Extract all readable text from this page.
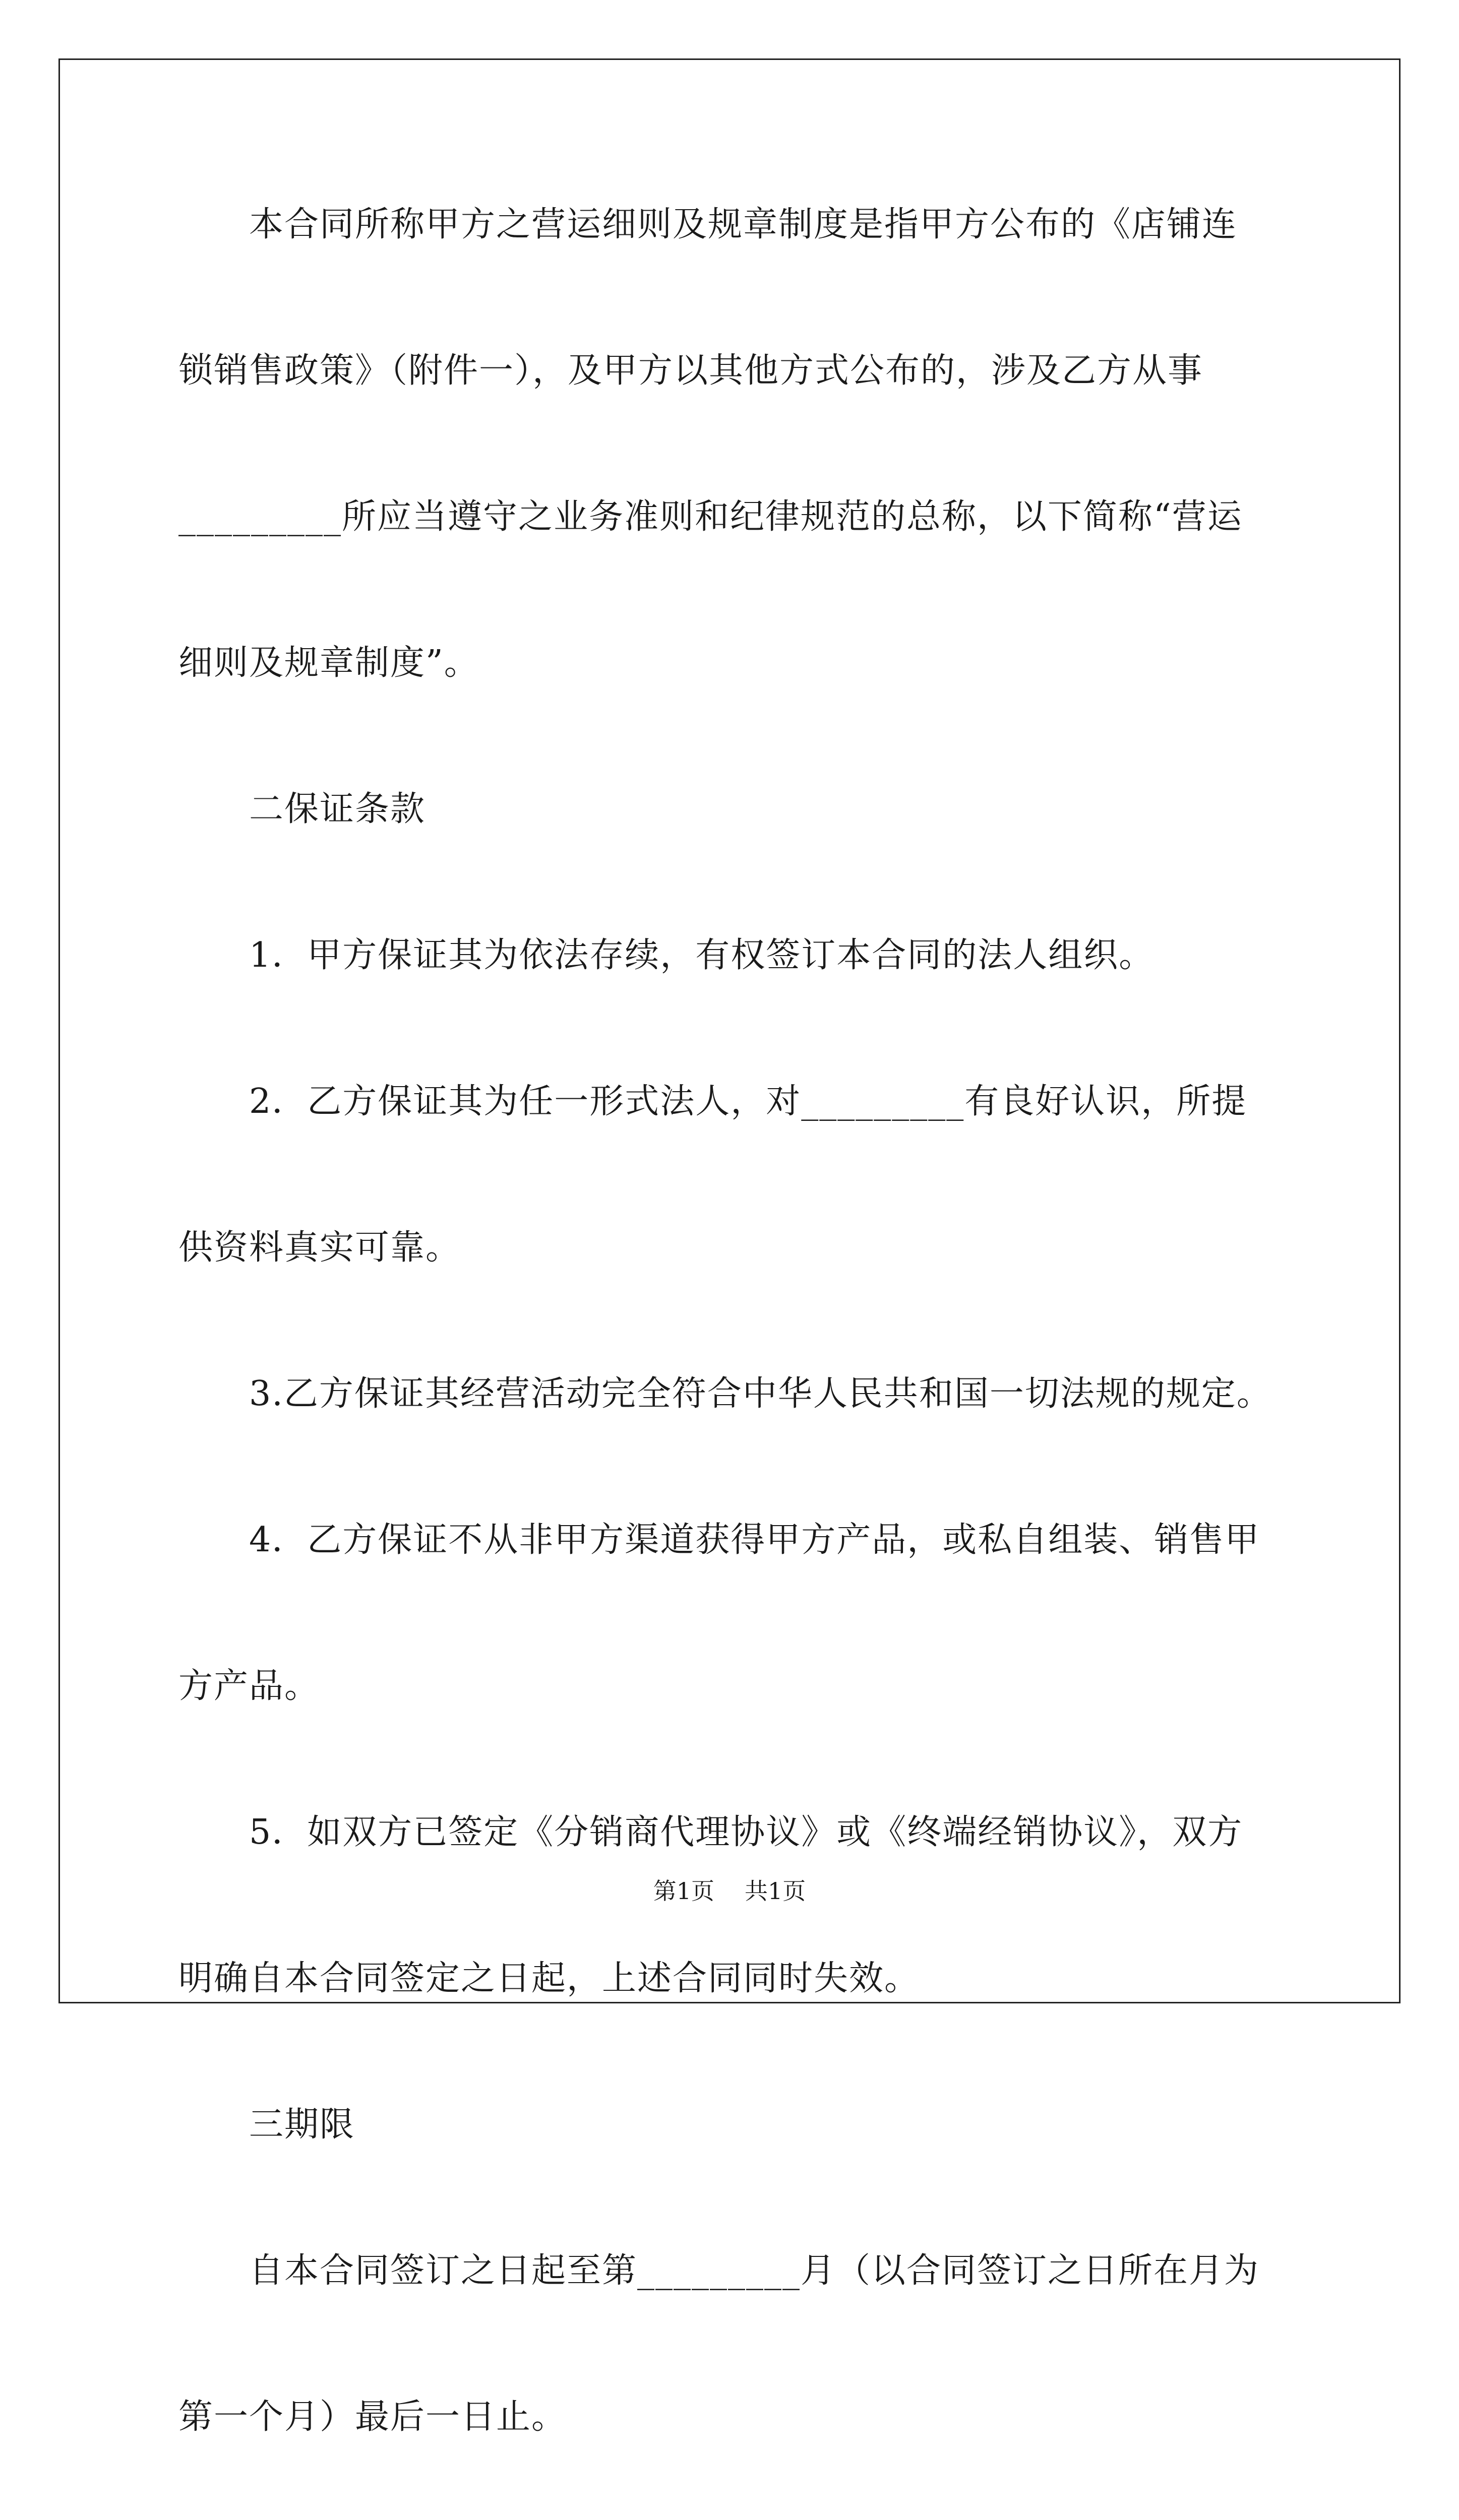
　　本合同所称甲方之营运细则及规章制度是指甲方公布的《店铺连
锁销售政策》（附件一），及甲方以其他方式公布的，涉及乙方从事
_________所应当遵守之业务准则和纪律规范的总称，以下简称“营运
细则及规章制度”。
　　二保证条款
　　1．甲方保证其为依法存续，有权签订本合同的法人组织。
　　2．乙方保证其为任一形式法人，对_________有良好认识，所提
供资料真实可靠。
　　3.乙方保证其经营活动完全符合中华人民共和国一切法规的规定。
　　4．乙方保证不从非甲方渠道获得甲方产品，或私自组装、销售甲
方产品。
　　5．如双方已签定《分销商代理协议》或《终端经销协议》，双方
明确自本合同签定之日起，上述合同同时失效。
　　三期限
　　自本合同签订之日起至第_________月（以合同签订之日所在月为
第一个月）最后一日止。
第1页 共1页
